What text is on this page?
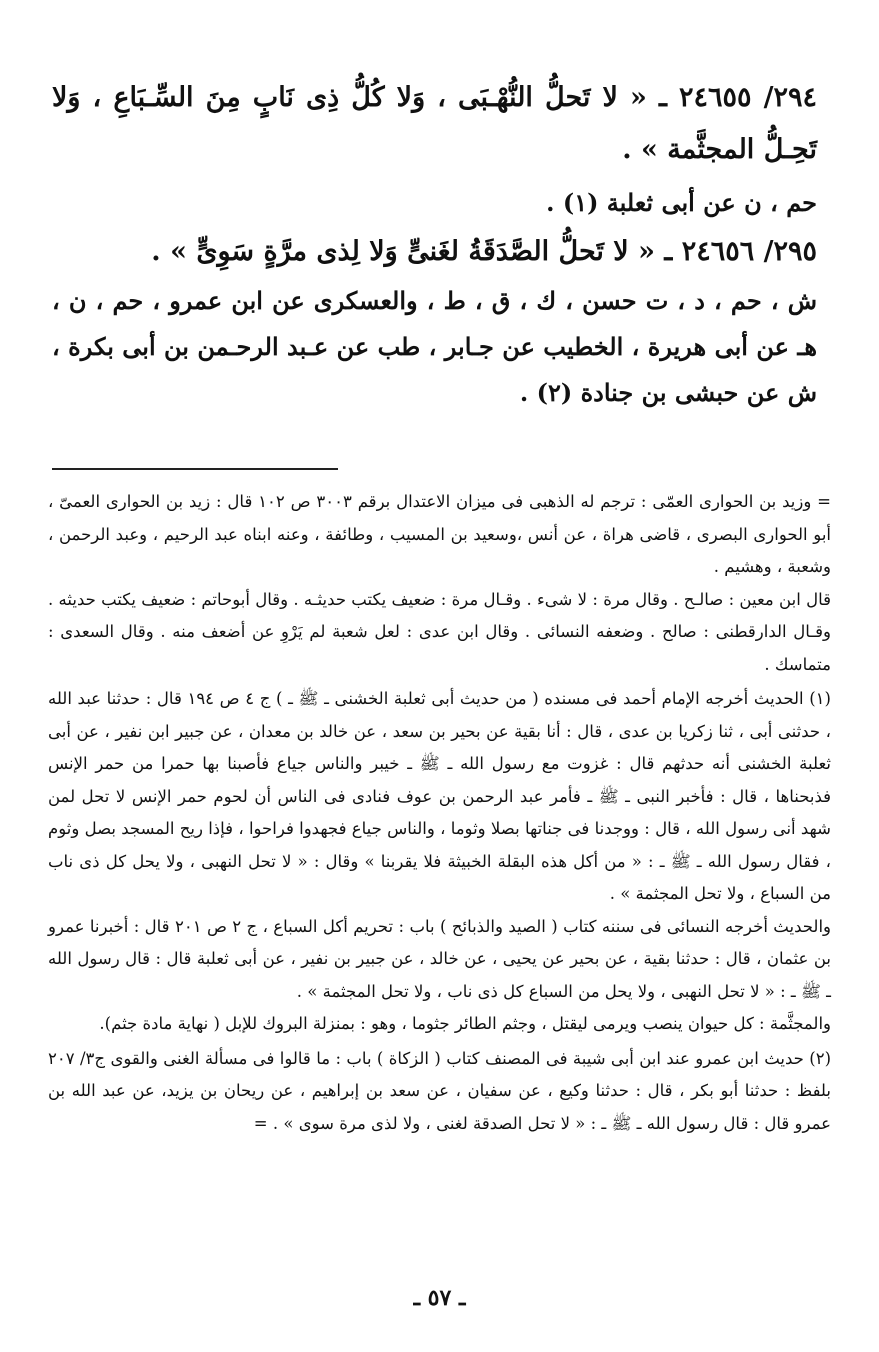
٢٩٤/ ٢٤٦٥٥ ـ « لا تَحلُّ النُّهْـبَى ، وَلا كُلُّ ذِى نَابٍ مِنَ السِّـبَاعِ ، وَلا تَحِـلُّ المجثَّمة » .

حم ، ن عن أبى ثعلبة (١) .

٢٩٥/ ٢٤٦٥٦ ـ « لا تَحلُّ الصَّدَقَةُ لغَنىٍّ وَلا لِذى مرَّةٍ سَوِىٍّ » .

ش ، حم ، د ، ت حسن ، ك ، ق ، ط ، والعسكرى عن ابن عمرو ، حم ، ن ، هـ عن أبى هريرة ، الخطيب عن جـابر ، طب عن عـبد الرحـمن بن أبى بكرة ، ش عن حبشى بن جنادة (٢) .

= وزيد بن الحوارى العمّى : ترجم له الذهبى فى ميزان الاعتدال برقم ٣٠٠٣ ص ١٠٢ قال : زيد بن الحوارى العمىّ ، أبو الحوارى البصرى ، قاضى هراة ، عن أنس ،وسعيد بن المسيب ، وطائفة ، وعنه ابناه عبد الرحيم ، وعبد الرحمن ، وشعبة ، وهشيم .

قال ابن معين : صالـح . وقال مرة : لا شىء . وقـال مرة : ضعيف يكتب حديثـه . وقال أبوحاتم : ضعيف يكتب حديثه . وقـال الدارقطنى : صالح . وضعفه النسائى . وقال ابن عدى : لعل شعبة لم يَرْوِ عن أضعف منه . وقال السعدى : متماسك .

(١) الحديث أخرجه الإمام أحمد فى مسنده ( من حديث أبى ثعلبة الخشنى ـ ﷺ ـ ) ج ٤ ص ١٩٤ قال : حدثنا عبد الله ، حدثنى أبى ، ثنا زكريا بن عدى ، قال : أنا بقية عن بحير بن سعد ، عن خالد بن معدان ، عن جبير ابن نفير ، عن أبى ثعلبة الخشنى أنه حدثهم قال : غزوت مع رسول الله ـ ﷺ ـ خيبر والناس جياع فأصبنا بها حمرا من حمر الإنس فذبحناها ، قال : فأخبر النبى ـ ﷺ ـ فأمر عبد الرحمن بن عوف فنادى فى الناس أن لحوم حمر الإنس لا تحل لمن شهد أنى رسول الله ، قال : ووجدنا فى جناتها بصلا وثوما ، والناس جياع فجهدوا فراحوا ، فإذا ريح المسجد بصل وثوم ، فقال رسول الله ـ ﷺ ـ : « من أكل هذه البقلة الخبيثة فلا يقربنا » وقال : « لا تحل النهبى ، ولا يحل كل ذى ناب من السباع ، ولا تحل المجثمة » .

والحديث أخرجه النسائى فى سننه كتاب ( الصيد والذبائح ) باب : تحريم أكل السباع ، ج ٢ ص ٢٠١ قال : أخبرنا عمرو بن عثمان ، قال : حدثنا بقية ، عن بحير عن يحيى ، عن خالد ، عن جبير بن نفير ، عن أبى ثعلبة قال : قال رسول الله ـ ﷺ ـ : « لا تحل النهبى ، ولا يحل من السباع كل ذى ناب ، ولا تحل المجثمة » .

والمجثَّمة : كل حيوان ينصب ويرمى ليقتل ، وجثم الطائر جثوما ، وهو : بمنزلة البروك للإبل ( نهاية مادة جثم).

(٢) حديث ابن عمرو عند ابن أبى شيبة فى المصنف كتاب ( الزكاة ) باب : ما قالوا فى مسألة الغنى والقوى ج٣/ ٢٠٧ بلفظ : حدثنا أبو بكر ، قال : حدثنا وكيع ، عن سفيان ، عن سعد بن إبراهيم ، عن ريحان بن يزيد، عن عبد الله بن عمرو قال : قال رسول الله ـ ﷺ ـ : « لا تحل الصدقة لغنى ، ولا لذى مرة سوى » . =

ـ ٥٧ ـ
